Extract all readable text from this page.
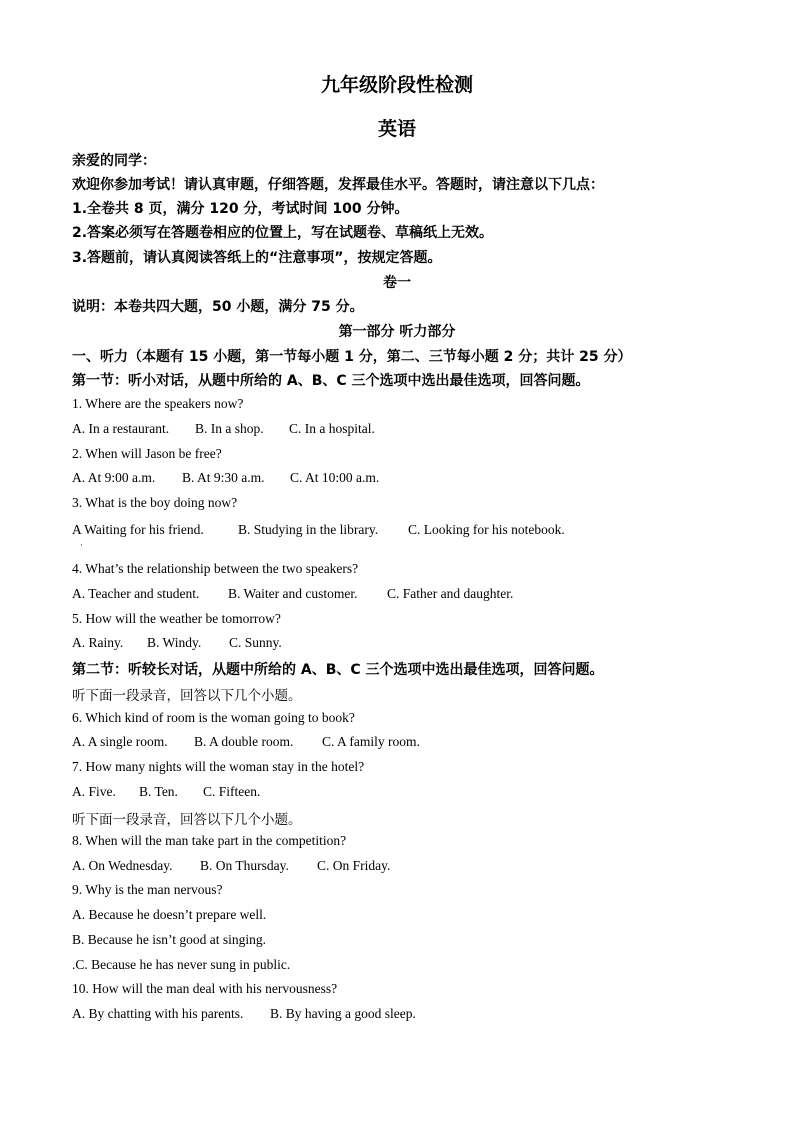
九年级阶段性检测
英语
亲爱的同学：
欢迎你参加考试！请认真审题，仔细答题，发挥最佳水平。答题时，请注意以下几点：
1.全卷共 8 页，满分 120 分，考试时间 100 分钟。
2.答案必须写在答题卷相应的位置上，写在试题卷、草稿纸上无效。
3.答题前，请认真阅读答纸上的“注意事项”，按规定答题。
卷一
说明：本卷共四大题，50 小题，满分 75 分。
第一部分 听力部分
一、听力（本题有 15 小题，第一节每小题 1 分，第二、三节每小题 2 分；共计 25 分）
第一节：听小对话，从题中所给的 A、B、C 三个选项中选出最佳选项，回答问题。
1. Where are the speakers now?
A. In a restaurant. B. In a shop. C. In a hospital.
2. When will Jason be free?
A. At 9:00 a.m. B. At 9:30 a.m. C. At 10:00 a.m.
3. What is the boy doing now?
A Waiting for his friend.	B. Studying in the library. C. Looking for his notebook.
·
4. What’s the relationship between the two speakers?
A. Teacher and student. B. Waiter and customer. C. Father and daughter.
5. How will the weather be tomorrow?
A. Rainy. B. Windy. C. Sunny.
第二节：听较长对话，从题中所给的 A、B、C 三个选项中选出最佳选项，回答问题。
听下面一段录音，回答以下几个小题。
6. Which kind of room is the woman going to book?
A. A single room. B. A double room. C. A family room.
7. How many nights will the woman stay in the hotel?
A. Five. B. Ten. C. Fifteen.
听下面一段录音，回答以下几个小题。
8. When will the man take part in the competition?
A. On Wednesday. B. On Thursday. C. On Friday.
9. Why is the man nervous?
A. Because he doesn’t prepare well.
B. Because he isn’t good at singing.
.C. Because he has never sung in public.
10. How will the man deal with his nervousness?
A. By chatting with his parents. B. By having a good sleep.
